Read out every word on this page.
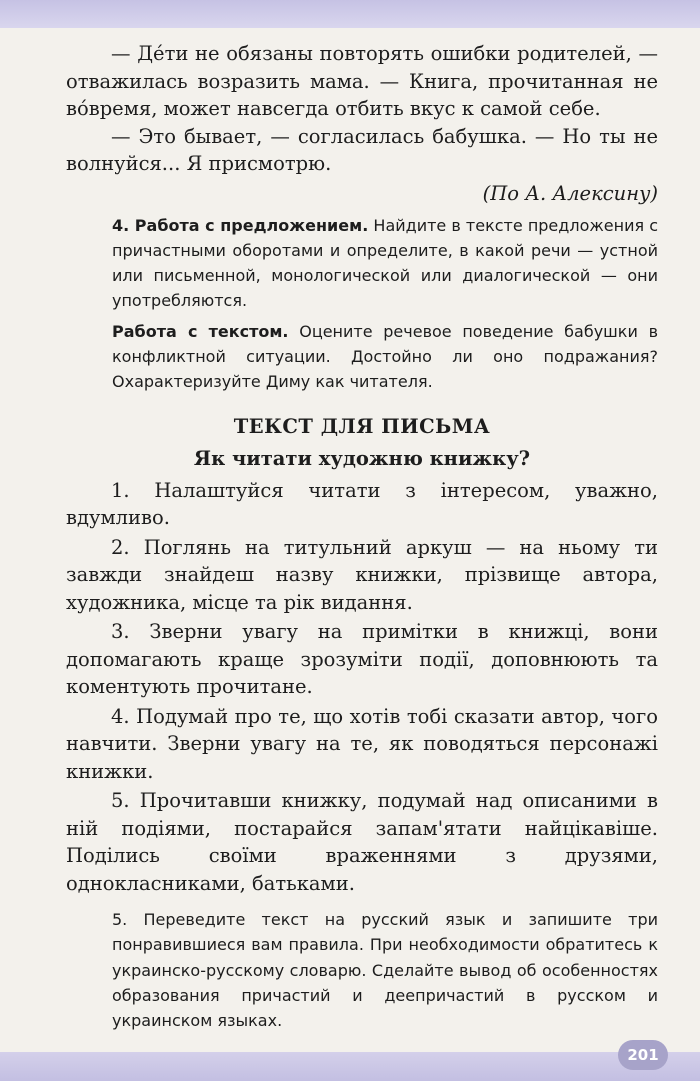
— Де́ти не обязаны повторять ошибки родителей, — отважилась возразить мама. — Книга, прочитанная не во́время, может навсегда отбить вкус к самой себе.

— Это бывает, — согласилась бабушка. — Но ты не волнуйся... Я присмотрю.

(По А. Алексину)

4. Работа с предложением. Найдите в тексте предложения с причастными оборотами и определите, в какой речи — устной или письменной, монологической или диалогической — они употребляются.

Работа с текстом. Оцените речевое поведение бабушки в конфликтной ситуации. Достойно ли оно подражания? Охарактеризуйте Диму как читателя.

ТЕКСТ ДЛЯ ПИСЬМА
Як читати художню книжку?

1. Налаштуйся читати з інтересом, уважно, вдумливо.

2. Поглянь на титульний аркуш — на ньому ти завжди знайдеш назву книжки, прізвище автора, художника, місце та рік видання.

3. Зверни увагу на примітки в книжці, вони допомагають краще зрозуміти події, доповнюють та коментують прочитане.

4. Подумай про те, що хотів тобі сказати автор, чого навчити. Зверни увагу на те, як поводяться персонажі книжки.

5. Прочитавши книжку, подумай над описаними в ній подіями, постарайся запам'ятати найцікавіше. Поділись своїми враженнями з друзями, однокласниками, батьками.

5. Переведите текст на русский язык и запишите три понравившиеся вам правила. При необходимости обратитесь к украинско-русскому словарю. Сделайте вывод об особенностях образования причастий и деепричастий в русском и украинском языках.

201
